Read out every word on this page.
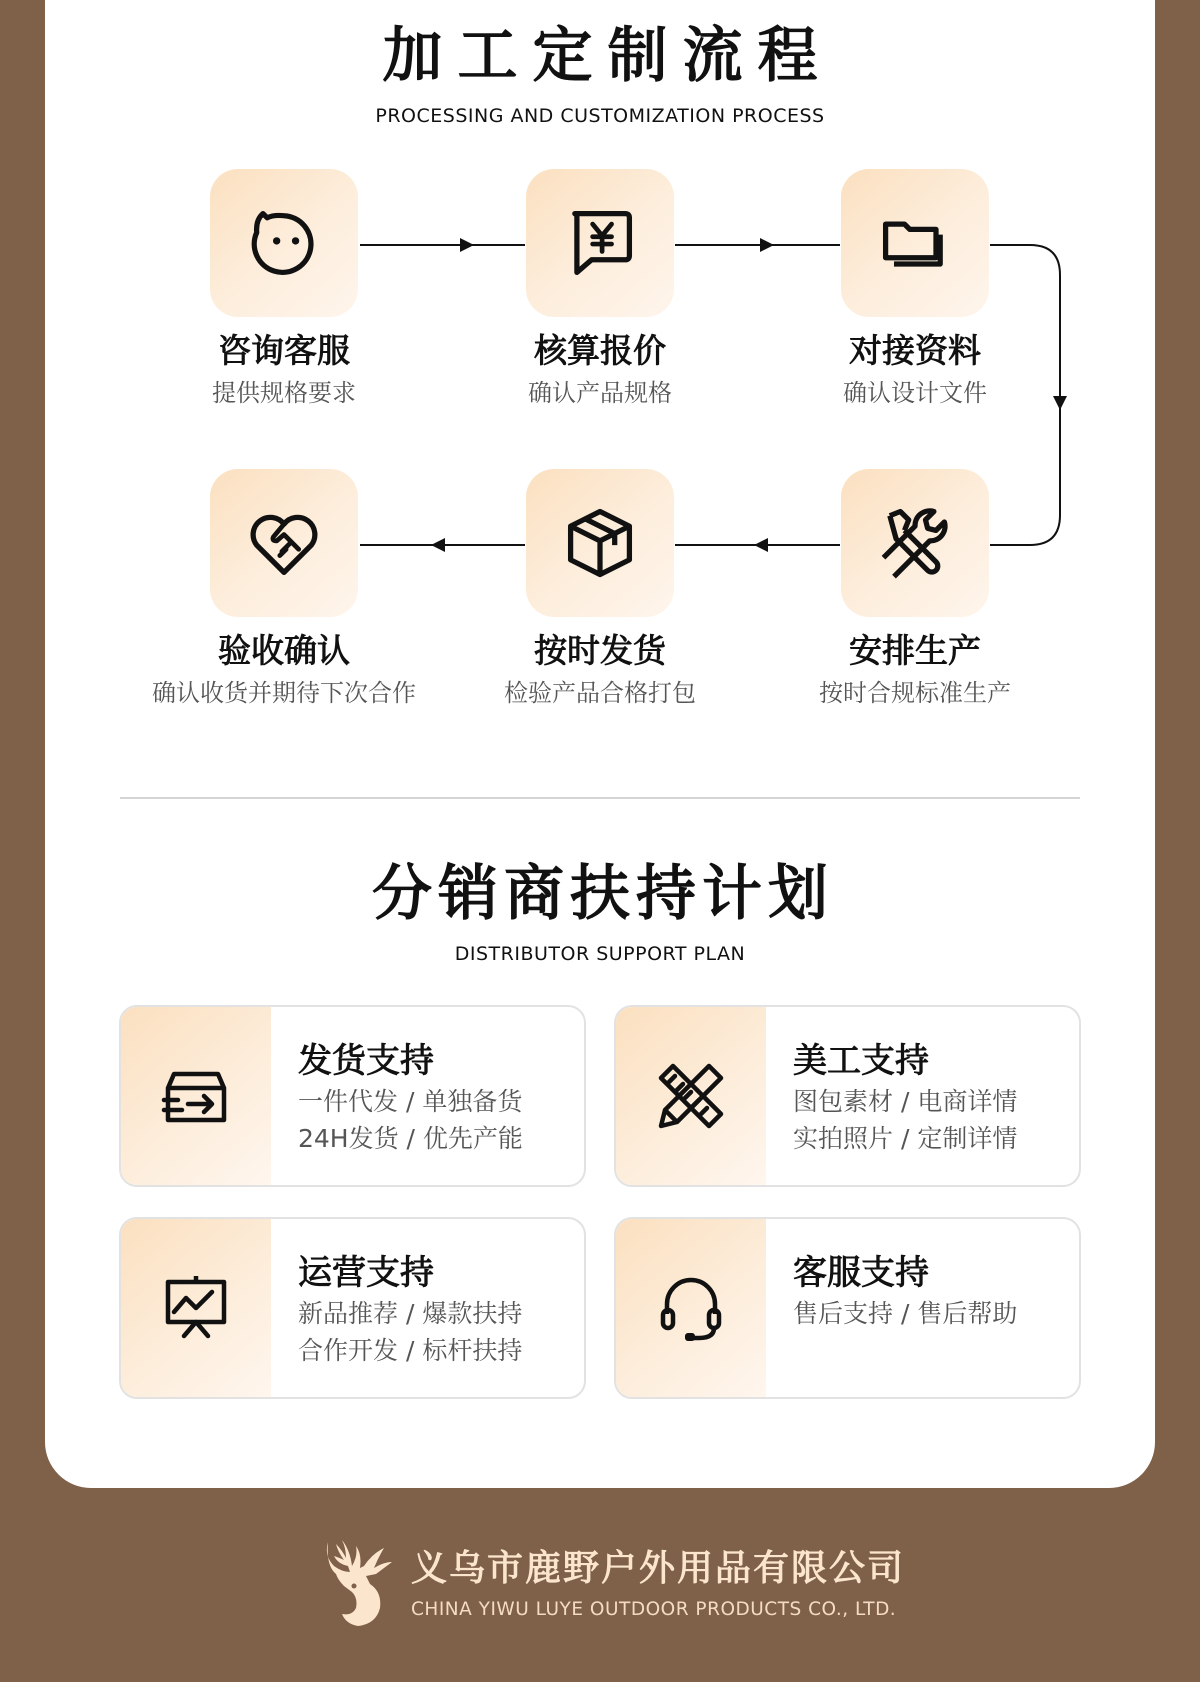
加工定制流程
PROCESSING AND CUSTOMIZATION PROCESS
咨询客服
提供规格要求
核算报价
确认产品规格
对接资料
确认设计文件
验收确认
确认收货并期待下次合作
按时发货
检验产品合格打包
安排生产
按时合规标准生产
分销商扶持计划
DISTRIBUTOR SUPPORT PLAN
发货支持
一件代发 / 单独备货
24H发货 / 优先产能
美工支持
图包素材 / 电商详情
实拍照片 / 定制详情
运营支持
新品推荐 / 爆款扶持
合作开发 / 标杆扶持
客服支持
售后支持 / 售后帮助
义乌市鹿野户外用品有限公司
CHINA YIWU LUYE OUTDOOR PRODUCTS CO., LTD.
